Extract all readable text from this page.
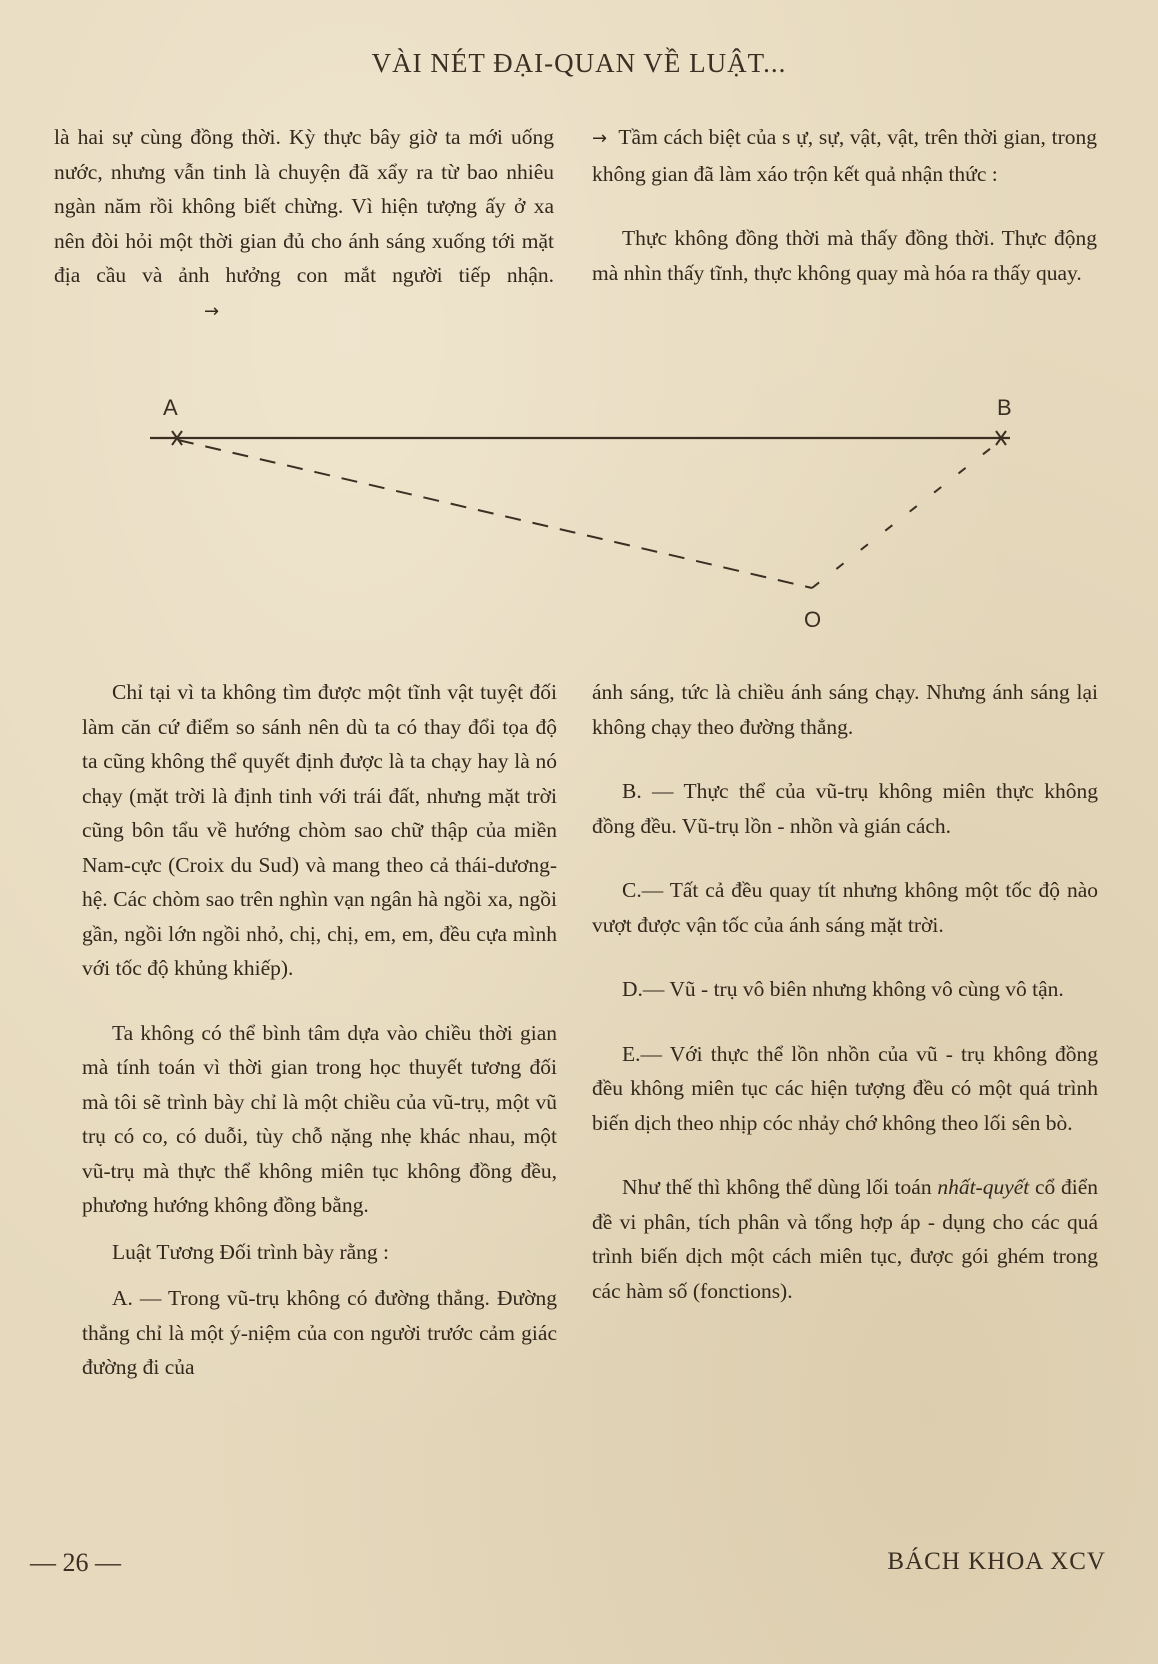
VÀI NÉT ĐẠI-QUAN VỀ LUẬT...

là hai sự cùng đồng thời. Kỳ thực bây giờ ta mới uống nước, nhưng vẫn tinh là chuyện đã xẩy ra từ bao nhiêu ngàn năm rồi không biết chừng. Vì hiện tượng ấy ở xa nên đòi hỏi một thời gian đủ cho ánh sáng xuống tới mặt địa cầu và ảnh hưởng con mắt người tiếp nhận. →

→ Tầm cách biệt của s ự, sự, vật, vật, trên thời gian, trong không gian đã làm xáo trộn kết quả nhận thức :

Thực không đồng thời mà thấy đồng thời. Thực động mà nhìn thấy tĩnh, thực không quay mà hóa ra thấy quay.

A	B
O

Chỉ tại vì ta không tìm được một tĩnh vật tuyệt đối làm căn cứ điểm so sánh nên dù ta có thay đổi tọa độ ta cũng không thể quyết định được là ta chạy hay là nó chạy (mặt trời là định tinh với trái đất, nhưng mặt trời cũng bôn tẩu về hướng chòm sao chữ thập của miền Nam-cực (Croix du Sud) và mang theo cả thái-dương-hệ. Các chòm sao trên nghìn vạn ngân hà ngồi xa, ngồi gần, ngồi lớn ngồi nhỏ, chị, chị, em, em, đều cựa mình với tốc độ khủng khiếp).

Ta không có thể bình tâm dựa vào chiều thời gian mà tính toán vì thời gian trong học thuyết tương đối mà tôi sẽ trình bày chỉ là một chiều của vũ-trụ, một vũ trụ có co, có duỗi, tùy chỗ nặng nhẹ khác nhau, một vũ-trụ mà thực thể không miên tục không đồng đều, phương hướng không đồng bằng.

Luật Tương Đối trình bày rằng :

A. — Trong vũ-trụ không có đường thẳng. Đường thẳng chỉ là một ý-niệm của con người trước cảm giác đường đi của

ánh sáng, tức là chiều ánh sáng chạy. Nhưng ánh sáng lại không chạy theo đường thẳng.

B. — Thực thể của vũ-trụ không miên thực không đồng đều. Vũ-trụ lồn - nhồn và gián cách.

C.— Tất cả đều quay tít nhưng không một tốc độ nào vượt được vận tốc của ánh sáng mặt trời.

D.— Vũ - trụ vô biên nhưng không vô cùng vô tận.

E.— Với thực thể lồn nhồn của vũ - trụ không đồng đều không miên tục các hiện tượng đều có một quá trình biến dịch theo nhịp cóc nhảy chớ không theo lối sên bò.

Như thế thì không thể dùng lối toán nhất-quyết cổ điển đề vi phân, tích phân và tổng hợp áp - dụng cho các quá trình biến dịch một cách miên tục, được gói ghém trong các hàm số (fonctions).

— 26 —	BÁCH KHOA XCV
